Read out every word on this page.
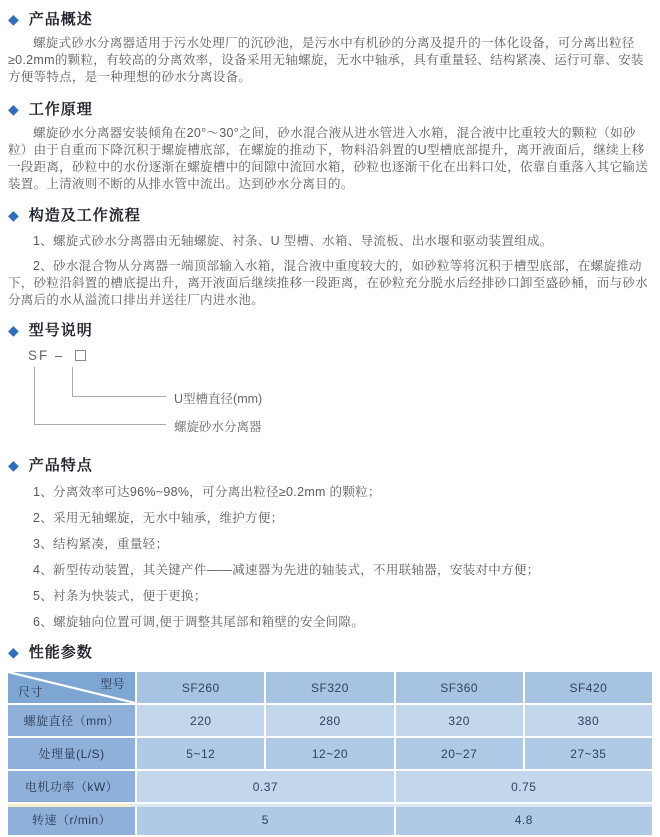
◆ 产品概述

螺旋式砂水分离器适用于污水处理厂的沉砂池，是污水中有机砂的分离及提升的一体化设备，可分离出粒径≥0.2mm的颗粒，有较高的分离效率，设备采用无轴螺旋，无水中轴承，具有重量轻、结构紧凑、运行可靠、安装方便等特点，是一种理想的砂水分离设备。

◆ 工作原理

螺旋砂水分离器安装倾角在20°～30°之间，砂水混合液从进水管进入水箱，混合液中比重较大的颗粒（如砂粒）由于自重而下降沉积于螺旋槽底部，在螺旋的推动下，物料沿斜置的U型槽底部提升，离开液面后，继续上移一段距离，砂粒中的水份逐渐在螺旋槽中的间隙中流回水箱，砂粒也逐渐干化在出料口处，依靠自重落入其它输送装置。上清液则不断的从排水管中流出。达到砂水分离目的。

◆ 构造及工作流程
1、螺旋式砂水分离器由无轴螺旋、衬条、U 型槽、水箱、导流板、出水堰和驱动装置组成。
2、砂水混合物从分离器一端顶部输入水箱，混合液中重度较大的，如砂粒等将沉积于槽型底部，在螺旋推动下，砂粒沿斜置的槽底提出升，离开液面后继续推移一段距离，在砂粒充分脱水后经排砂口卸至盛砂桶，而与砂水分离后的水从溢流口排出并送往厂内进水池。
◆ 型号说明
SF –
U型槽直径(mm)
螺旋砂水分离器
◆ 产品特点
1、分离效率可达96%~98%，可分离出粒径≥0.2mm 的颗粒；
2、采用无轴螺旋，无水中轴承，维护方便；
3、结构紧凑，重量轻；
4、新型传动装置，其关键产件——减速器为先进的轴装式，不用联轴器，安装对中方便；
5、衬条为快装式，便于更换；
6、螺旋轴向位置可调,便于调整其尾部和箱壁的安全间隙。
◆ 性能参数
型号
尺寸	SF260	SF320	SF360	SF420
螺旋直径（mm）	220	280	320	380
处理量(L/S)	5~12	12~20	20~27	27~35
电机功率（kW）	0.37		0.75	
转速（r/min）	5		4.8	
